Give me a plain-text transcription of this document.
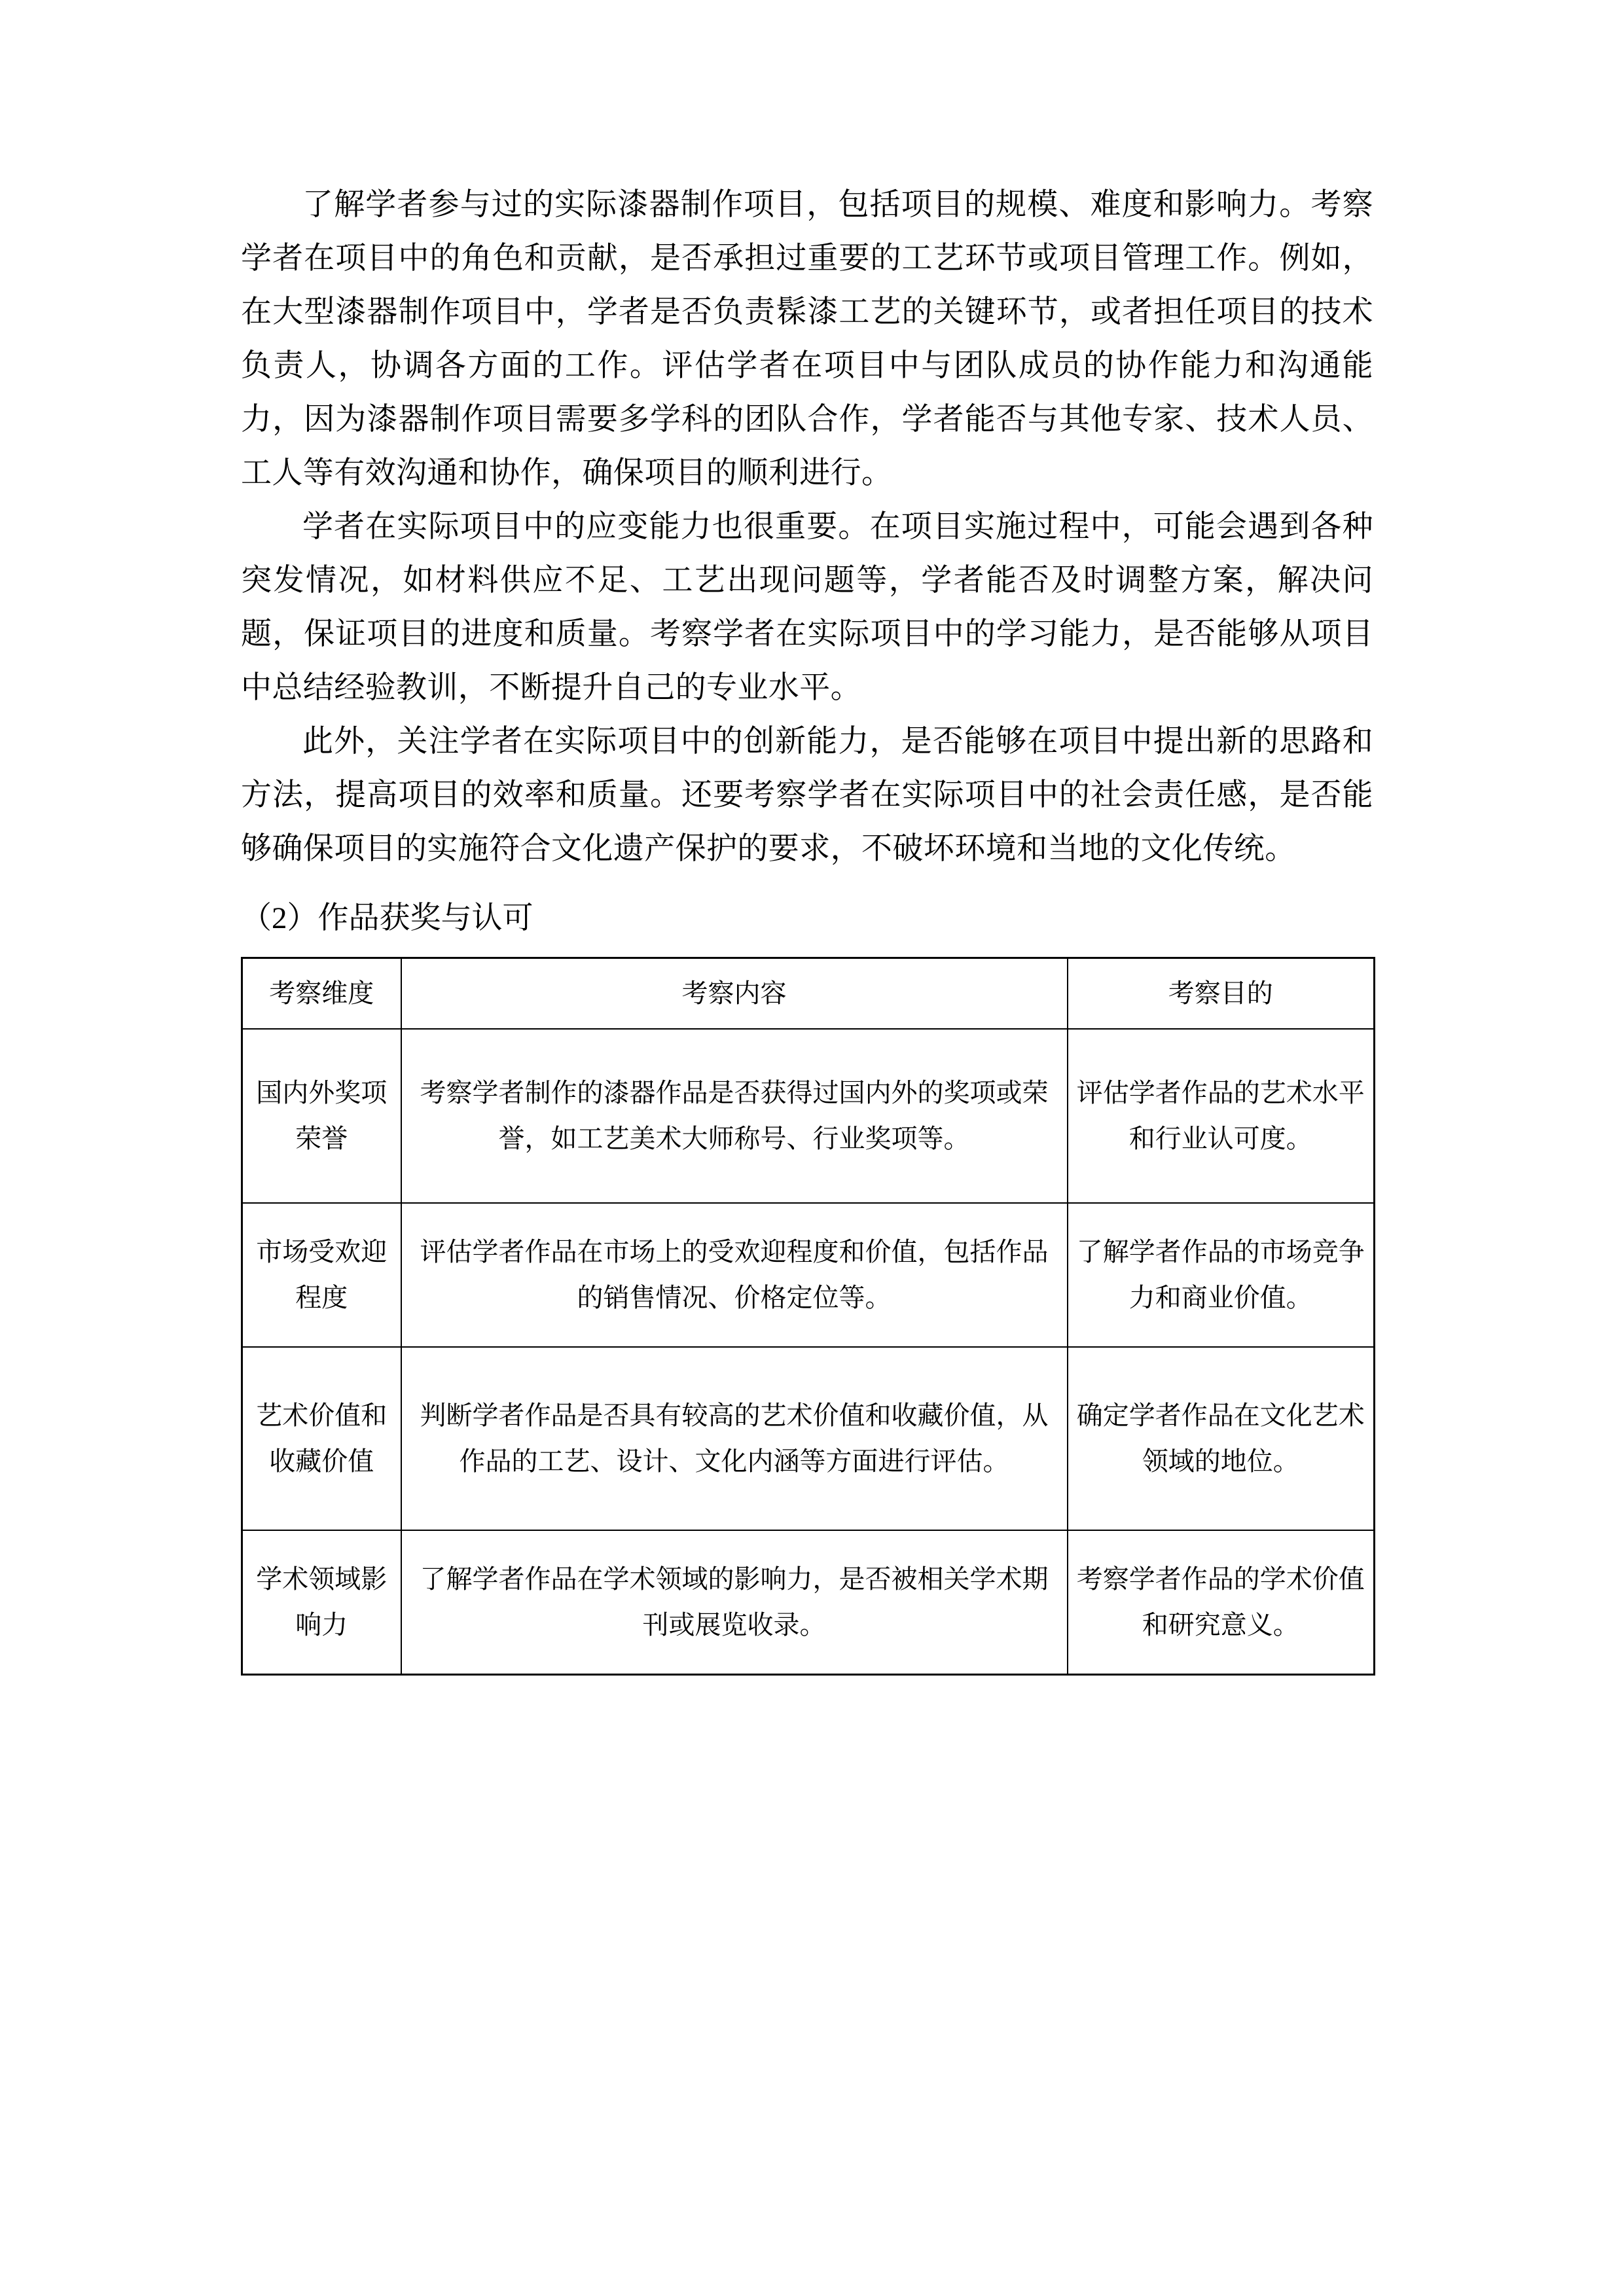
了解学者参与过的实际漆器制作项目，包括项目的规模、难度和影响力。考察学者在项目中的角色和贡献，是否承担过重要的工艺环节或项目管理工作。例如，在大型漆器制作项目中，学者是否负责髹漆工艺的关键环节，或者担任项目的技术负责人，协调各方面的工作。评估学者在项目中与团队成员的协作能力和沟通能力，因为漆器制作项目需要多学科的团队合作，学者能否与其他专家、技术人员、工人等有效沟通和协作，确保项目的顺利进行。

学者在实际项目中的应变能力也很重要。在项目实施过程中，可能会遇到各种突发情况，如材料供应不足、工艺出现问题等，学者能否及时调整方案，解决问题，保证项目的进度和质量。考察学者在实际项目中的学习能力，是否能够从项目中总结经验教训，不断提升自己的专业水平。

此外，关注学者在实际项目中的创新能力，是否能够在项目中提出新的思路和方法，提高项目的效率和质量。还要考察学者在实际项目中的社会责任感，是否能够确保项目的实施符合文化遗产保护的要求，不破坏环境和当地的文化传统。

（2）作品获奖与认可
考察维度	考察内容	考察目的
国内外奖项荣誉	考察学者制作的漆器作品是否获得过国内外的奖项或荣誉，如工艺美术大师称号、行业奖项等。	评估学者作品的艺术水平和行业认可度。
市场受欢迎程度	评估学者作品在市场上的受欢迎程度和价值，包括作品的销售情况、价格定位等。	了解学者作品的市场竞争力和商业价值。
艺术价值和收藏价值	判断学者作品是否具有较高的艺术价值和收藏价值，从作品的工艺、设计、文化内涵等方面进行评估。	确定学者作品在文化艺术领域的地位。
学术领域影响力	了解学者作品在学术领域的影响力，是否被相关学术期刊或展览收录。	考察学者作品的学术价值和研究意义。
